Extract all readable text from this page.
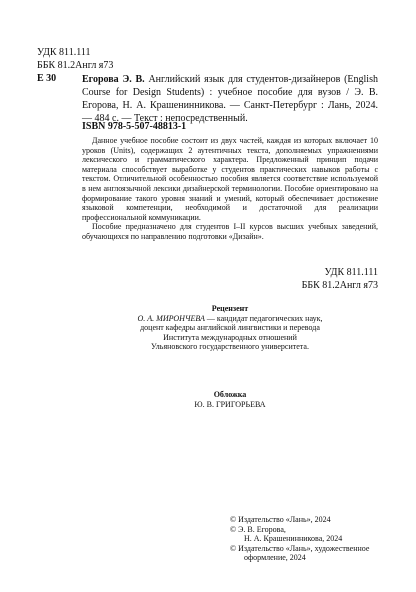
УДК 811.111
ББК 81.2Англ я73
Е 30	Егорова Э. В. Английский язык для студентов-дизайнеров (English Course for Design Students) : учебное пособие для вузов / Э. В. Егорова, Н. А. Крашенинникова. — Санкт-Петербург : Лань, 2024. — 484 с. — Текст : непосредственный.
ISBN 978-5-507-48813-1

Данное учебное пособие состоит из двух частей, каждая из которых включает 10 уроков (Units), содержащих 2 аутентичных текста, дополняемых упражнениями лексического и грамматического характера. Предложенный принцип подачи материала способствует выработке у студентов практических навыков работы с текстом. Отличительной особенностью пособия является соответствие используемой в нем англоязычной лексики дизайнерской терминологии. Пособие ориентировано на формирование такого уровня знаний и умений, который обеспечивает достижение языковой компетенции, необходимой и достаточной для реализации профессиональной коммуникации.

Пособие предназначено для студентов I–II курсов высших учебных заведений, обучающихся по направлению подготовки «Дизайн».

УДК 811.111
ББК 81.2Англ я73
Рецензент
О. А. МИРОНЧЕВА — кандидат педагогических наук,
доцент кафедры английской лингвистики и перевода
Института международных отношений
Ульяновского государственного университета.
Обложка
Ю. В. ГРИГОРЬЕВА
© Издательство «Лань», 2024
© Э. В. Егорова,
Н. А. Крашенинникова, 2024
© Издательство «Лань», художественное
оформление, 2024
